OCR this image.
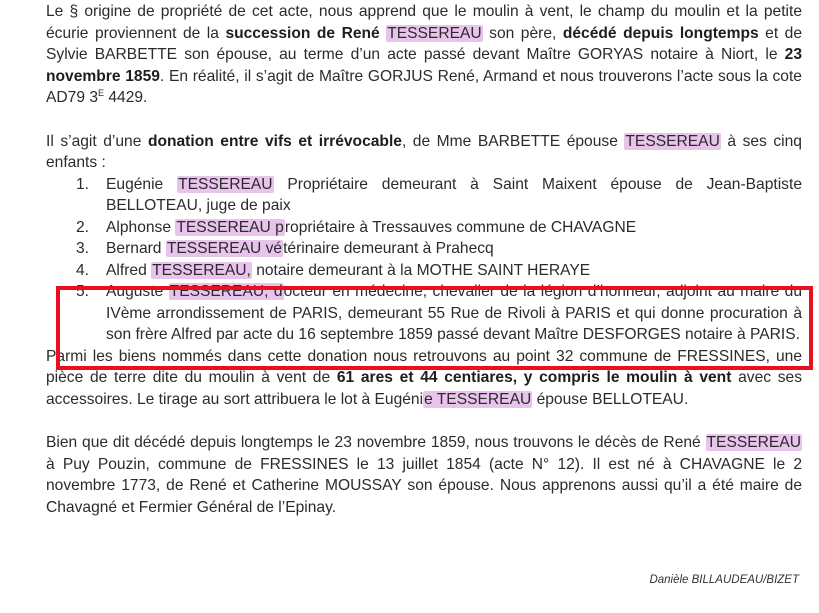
Le § origine de propriété de cet acte, nous apprend que le moulin à vent, le champ du moulin et la petite écurie proviennent de la succession de René TESSEREAU son père, décédé depuis longtemps et de Sylvie BARBETTE son épouse, au terme d’un acte passé devant Maître GORYAS notaire à Niort, le 23 novembre 1859. En réalité, il s’agit de Maître GORJUS René, Armand et nous trouverons l’acte sous la cote AD79 $3^E$ 4429.

Il s’agit d’une donation entre vifs et irrévocable, de Mme BARBETTE épouse TESSEREAU à ses cinq enfants :

1. Eugénie TESSEREAU Propriétaire demeurant à Saint Maixent épouse de Jean-Baptiste BELLOTEAU, juge de paix
2. Alphonse TESSEREAU propriétaire à Tressauves commune de CHAVAGNE
3. Bernard TESSEREAU vétérinaire demeurant à Prahecq
4. Alfred TESSEREAU, notaire demeurant à la MOTHE SAINT HERAYE
5. Auguste TESSEREAU, docteur en médecine, chevalier de la légion d’honneur, adjoint au maire du IVème arrondissement de PARIS, demeurant 55 Rue de Rivoli à PARIS et qui donne procuration à son frère Alfred par acte du 16 septembre 1859 passé devant Maître DESFORGES notaire à PARIS.

Parmi les biens nommés dans cette donation nous retrouvons au point 32 commune de FRESSINES, une pièce de terre dite du moulin à vent de 61 ares et 44 centiares, y compris le moulin à vent avec ses accessoires. Le tirage au sort attribuera le lot à Eugénie TESSEREAU épouse BELLOTEAU.

Bien que dit décédé depuis longtemps le 23 novembre 1859, nous trouvons le décès de René TESSEREAU à Puy Pouzin, commune de FRESSINES le 13 juillet 1854 (acte N° 12). Il est né à CHAVAGNE le 2 novembre 1773, de René et Catherine MOUSSAY son épouse. Nous apprenons aussi qu’il a été maire de Chavagné et Fermier Général de l’Epinay.

Danièle BILLAUDEAU/BIZET
